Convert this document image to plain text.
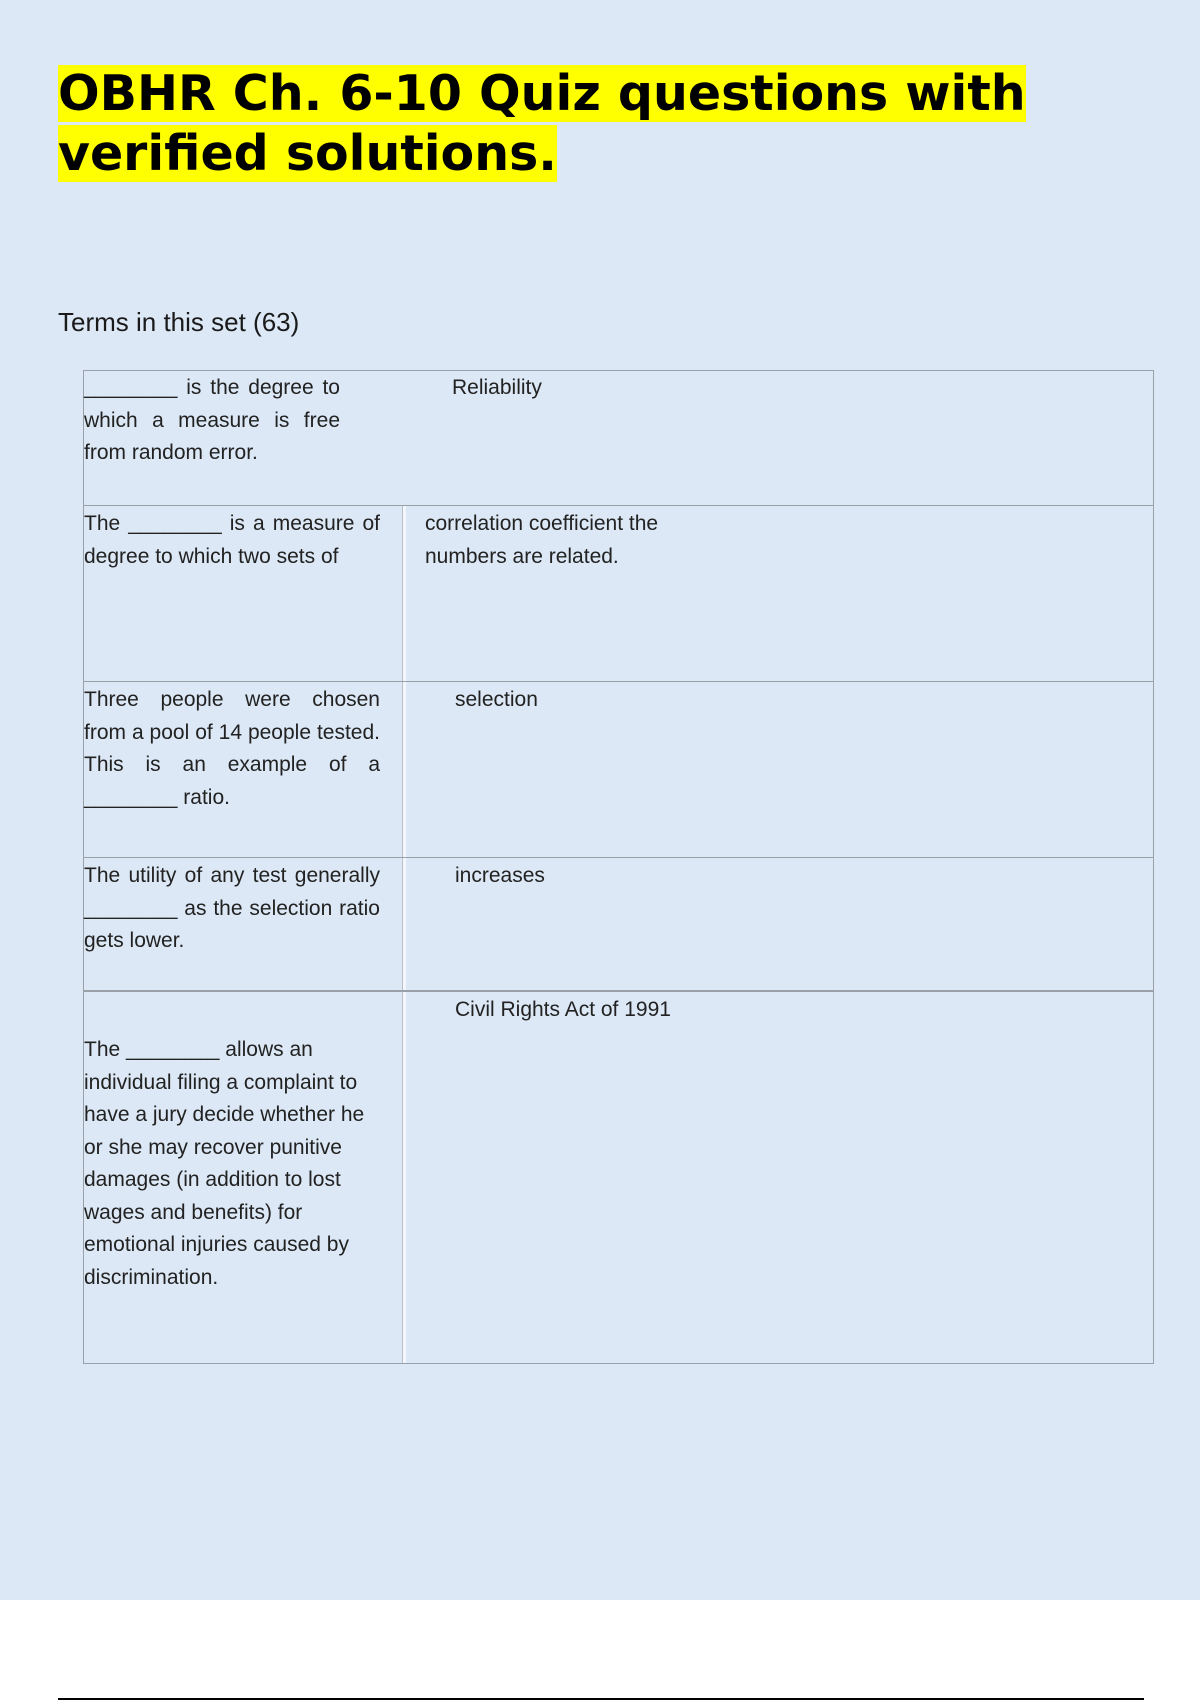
OBHR Ch. 6-10 Quiz questions with verified solutions.

Terms in this set (63)

________ is the degree to which a measure is free from random error.
Reliability
The ________ is a measure of degree to which two sets of
correlation coefficient the numbers are related.
Three people were chosen from a pool of 14 people tested. This is an example of a ________ ratio.
selection
The utility of any test generally ________ as the selection ratio gets lower.
increases
The ________ allows an individual filing a complaint to have a jury decide whether he or she may recover punitive damages (in addition to lost wages and benefits) for emotional injuries caused by discrimination.
Civil Rights Act of 1991
